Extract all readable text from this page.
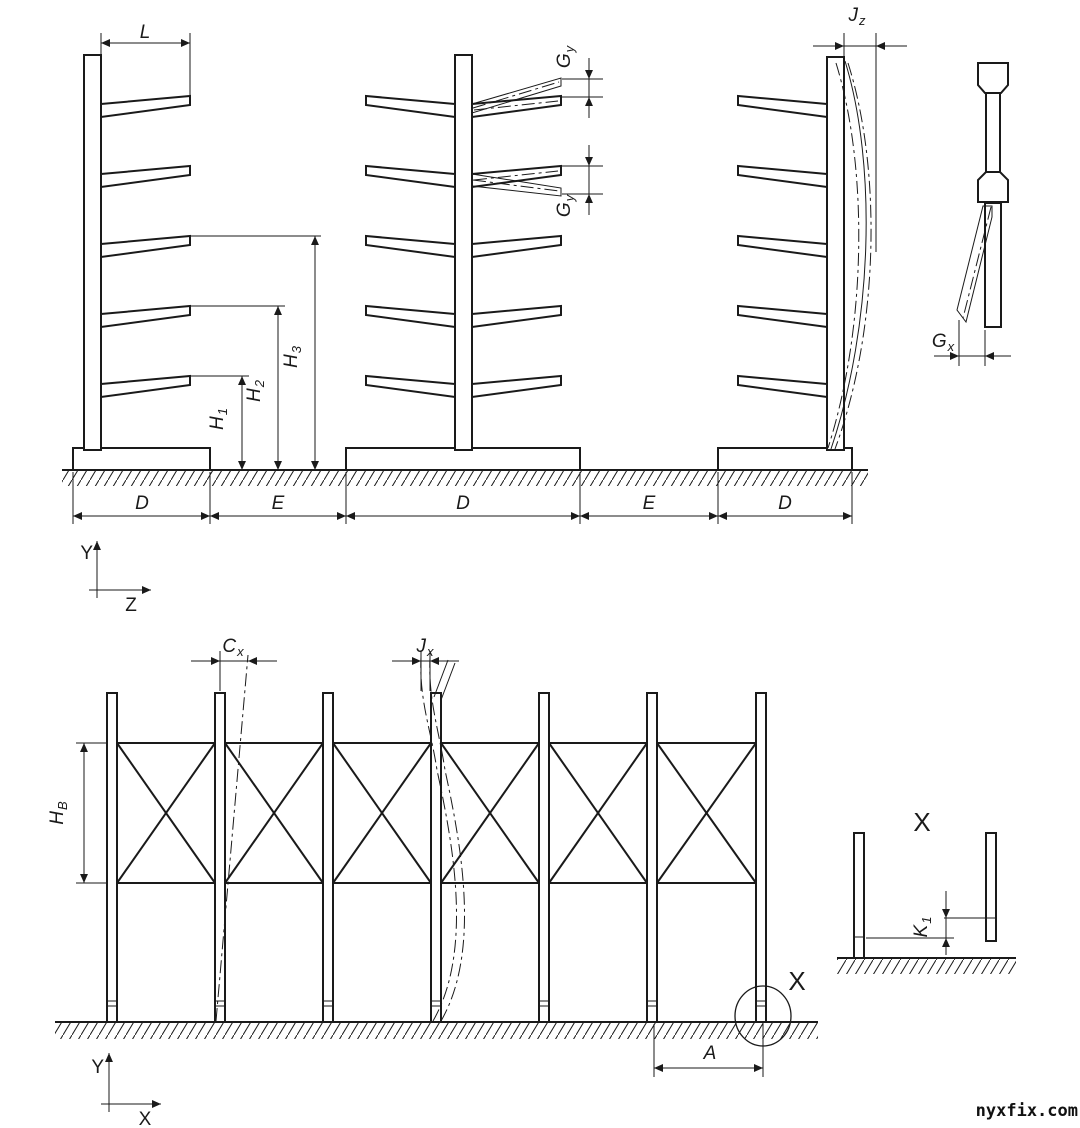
$G_y$
$G_y$
$J_z$
L
$H_3$
$H_2$
$H_1$
D	E	D	E	D
$G_x$
Y
Z
$C_x$	$J_x$
$H_B$
A
X
X
$K_1$
Y
X	nyxfix.com
